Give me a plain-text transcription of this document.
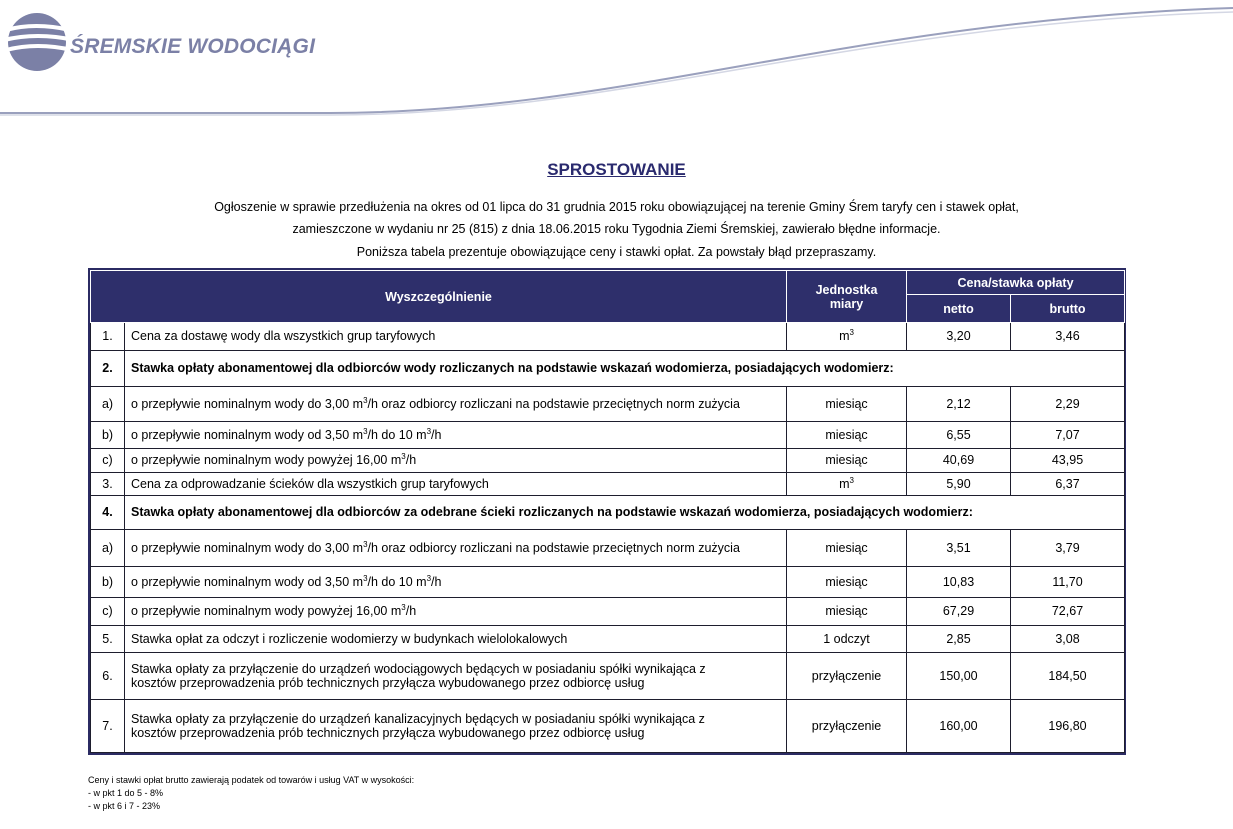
ŚREMSKIE WODOCIĄGI
SPROSTOWANIE
Ogłoszenie w sprawie przedłużenia na okres od 01 lipca do 31 grudnia 2015 roku obowiązującej na terenie Gminy Śrem taryfy cen i stawek opłat,
zamieszczone w wydaniu nr 25 (815) z dnia 18.06.2015 roku Tygodnia Ziemi Śremskiej, zawierało błędne informacje.
Poniższa tabela prezentuje obowiązujące ceny i stawki opłat. Za powstały błąd przepraszamy.
Wyszczególnienie		Jednostka miary	Cena/stawka opłaty	
			netto	brutto
1.	Cena za dostawę wody dla wszystkich grup taryfowych	$m^3$	3,20	3,46
2.	Stawka opłaty abonamentowej dla odbiorców wody rozliczanych na podstawie wskazań wodomierza, posiadających wodomierz:			
a)	o przepływie nominalnym wody do 3,00 $m^3/h$ oraz odbiorcy rozliczani na podstawie przeciętnych norm zużycia	miesiąc	2,12	2,29
b)	o przepływie nominalnym wody od 3,50 $m^3/h$ do 10 $m^3/h$	miesiąc	6,55	7,07
c)	o przepływie nominalnym wody powyżej 16,00 $m^3/h$	miesiąc	40,69	43,95
3.	Cena za odprowadzanie ścieków dla wszystkich grup taryfowych	$m^3$	5,90	6,37
4.	Stawka opłaty abonamentowej dla odbiorców za odebrane ścieki rozliczanych na podstawie wskazań wodomierza, posiadających wodomierz:			
a)	o przepływie nominalnym wody do 3,00 $m^3/h$ oraz odbiorcy rozliczani na podstawie przeciętnych norm zużycia	miesiąc	3,51	3,79
b)	o przepływie nominalnym wody od 3,50 $m^3/h$ do 10 $m^3/h$	miesiąc	10,83	11,70
c)	o przepływie nominalnym wody powyżej 16,00 $m^3/h$	miesiąc	67,29	72,67
5.	Stawka opłat za odczyt i rozliczenie wodomierzy w budynkach wielolokalowych	1 odczyt	2,85	3,08
6.	Stawka opłaty za przyłączenie do urządzeń wodociągowych będących w posiadaniu spółki wynikająca z
kosztów przeprowadzenia prób technicznych przyłącza wybudowanego przez odbiorcę usług	przyłączenie	150,00	184,50
7.	Stawka opłaty za przyłączenie do urządzeń kanalizacyjnych będących w posiadaniu spółki wynikająca z
kosztów przeprowadzenia prób technicznych przyłącza wybudowanego przez odbiorcę usług	przyłączenie	160,00	196,80
Ceny i stawki opłat brutto zawierają podatek od towarów i usług VAT w wysokości:
- w pkt 1 do 5 - 8%
- w pkt 6 i 7 - 23%
